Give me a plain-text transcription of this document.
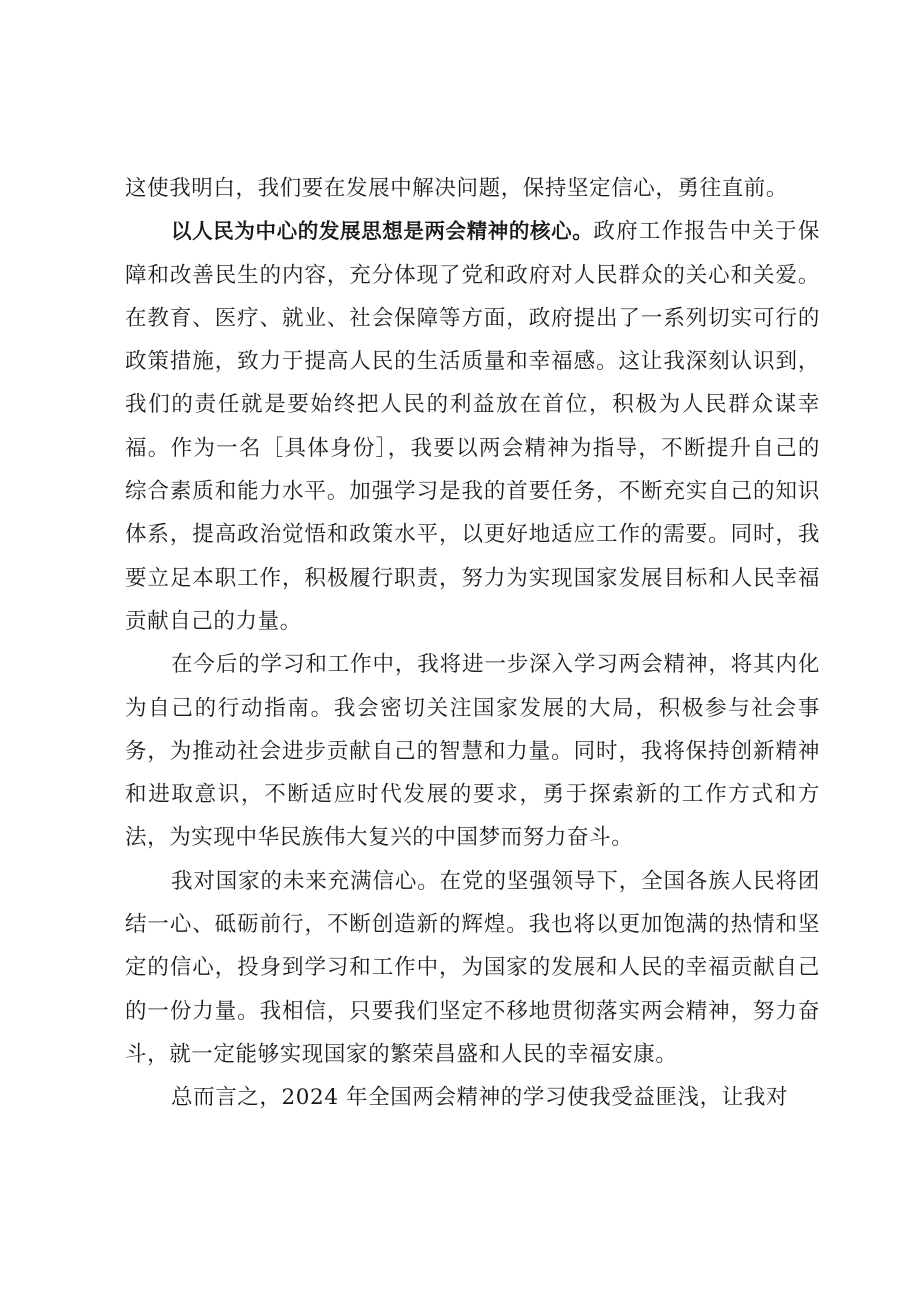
这使我明白，我们要在发展中解决问题，保持坚定信心，勇往直前。

以人民为中心的发展思想是两会精神的核心。政府工作报告中关于保障和改善民生的内容，充分体现了党和政府对人民群众的关心和关爱。在教育、医疗、就业、社会保障等方面，政府提出了一系列切实可行的政策措施，致力于提高人民的生活质量和幸福感。这让我深刻认识到，我们的责任就是要始终把人民的利益放在首位，积极为人民群众谋幸福。作为一名［具体身份］，我要以两会精神为指导，不断提升自己的综合素质和能力水平。加强学习是我的首要任务，不断充实自己的知识体系，提高政治觉悟和政策水平，以更好地适应工作的需要。同时，我要立足本职工作，积极履行职责，努力为实现国家发展目标和人民幸福贡献自己的力量。

在今后的学习和工作中，我将进一步深入学习两会精神，将其内化为自己的行动指南。我会密切关注国家发展的大局，积极参与社会事务，为推动社会进步贡献自己的智慧和力量。同时，我将保持创新精神和进取意识，不断适应时代发展的要求，勇于探索新的工作方式和方法，为实现中华民族伟大复兴的中国梦而努力奋斗。

我对国家的未来充满信心。在党的坚强领导下，全国各族人民将团结一心、砥砺前行，不断创造新的辉煌。我也将以更加饱满的热情和坚定的信心，投身到学习和工作中，为国家的发展和人民的幸福贡献自己的一份力量。我相信，只要我们坚定不移地贯彻落实两会精神，努力奋斗，就一定能够实现国家的繁荣昌盛和人民的幸福安康。

总而言之，2024 年全国两会精神的学习使我受益匪浅，让我对
